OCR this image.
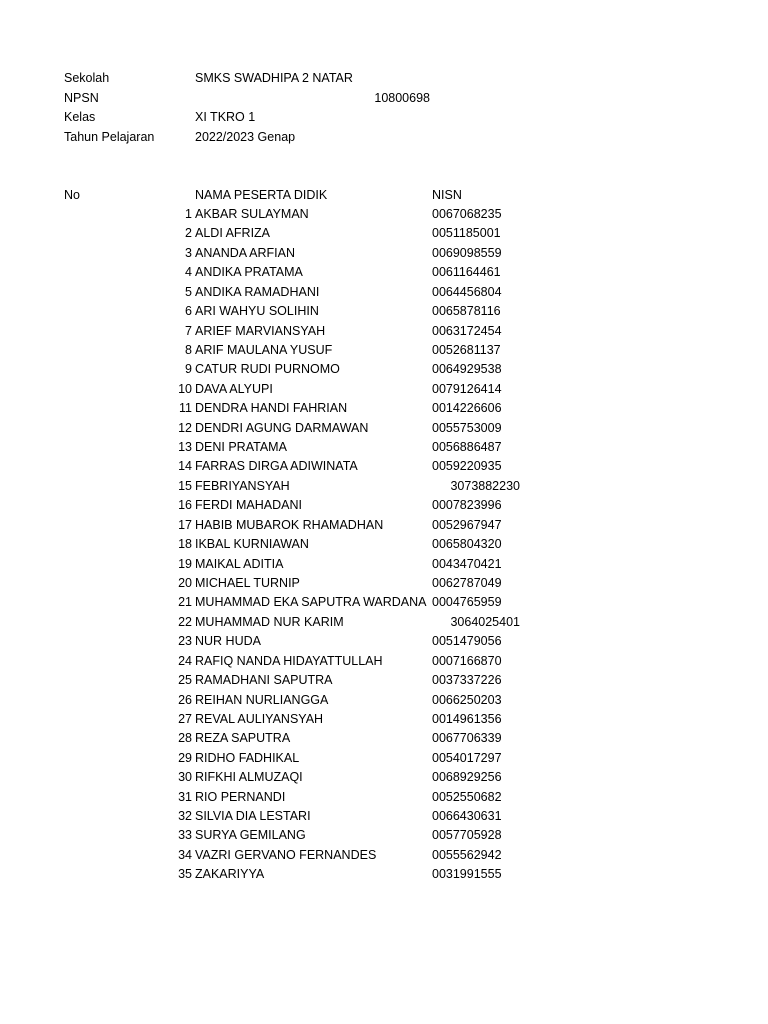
Sekolah	SMKS SWADHIPA 2 NATAR
NPSN	10800698
Kelas	XI TKRO 1
Tahun Pelajaran	2022/2023 Genap
No	NAMA PESERTA DIDIK	NISN
1 AKBAR SULAYMAN	0067068235
2 ALDI AFRIZA	0051185001
3 ANANDA ARFIAN	0069098559
4 ANDIKA PRATAMA	0061164461
5 ANDIKA RAMADHANI	0064456804
6 ARI WAHYU SOLIHIN	0065878116
7 ARIEF MARVIANSYAH	0063172454
8 ARIF MAULANA YUSUF	0052681137
9 CATUR RUDI PURNOMO	0064929538
10 DAVA ALYUPI	0079126414
11 DENDRA HANDI FAHRIAN	0014226606
12 DENDRI AGUNG DARMAWAN	0055753009
13 DENI PRATAMA	0056886487
14 FARRAS DIRGA ADIWINATA	0059220935
15 FEBRIYANSYAH	3073882230
16 FERDI MAHADANI	0007823996
17 HABIB MUBAROK RHAMADHAN	0052967947
18 IKBAL KURNIAWAN	0065804320
19 MAIKAL ADITIA	0043470421
20 MICHAEL TURNIP	0062787049
21 MUHAMMAD EKA SAPUTRA WARDANA 0004765959
22 MUHAMMAD NUR KARIM	3064025401
23 NUR HUDA	0051479056
24 RAFIQ NANDA HIDAYATTULLAH	0007166870
25 RAMADHANI SAPUTRA	0037337226
26 REIHAN NURLIANGGA	0066250203
27 REVAL AULIYANSYAH	0014961356
28 REZA SAPUTRA	0067706339
29 RIDHO FADHIKAL	0054017297
30 RIFKHI ALMUZAQI	0068929256
31 RIO PERNANDI	0052550682
32 SILVIA DIA LESTARI	0066430631
33 SURYA GEMILANG	0057705928
34 VAZRI GERVANO FERNANDES	0055562942
35 ZAKARIYYA	0031991555
